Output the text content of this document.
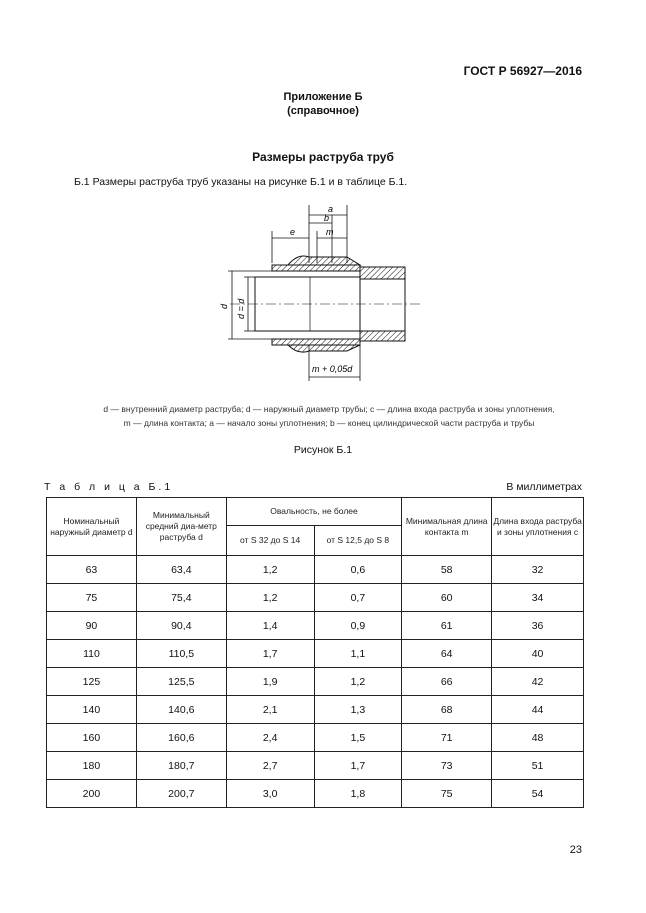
ГОСТ Р 56927—2016
Приложение Б
(справочное)
Размеры раструба труб
Б.1 Размеры раструба труб указаны на рисунке Б.1 и в таблице Б.1.
a
b
e	m
d d = d
m + 0,05d
d — внутренний диаметр раструба; d — наружный диаметр трубы; c — длина входа раструба и зоны уплотнения,
m — длина контакта; a — начало зоны уплотнения; b — конец цилиндрической части раструба и трубы
Рисунок Б.1
Т а б л и ц а Б.1	В миллиметрах
Номинальный наружный диаметр d	Минимальный средний диа-метр раструба d	Овальность, не более		Минимальная длина контакта m	Длина входа раструба и зоны уплотнения c
		от S 32 до S 14	от S 12,5 до S 8		
63	63,4	1,2	0,6	58	32
75	75,4	1,2	0,7	60	34
90	90,4	1,4	0,9	61	36
110	110,5	1,7	1,1	64	40
125	125,5	1,9	1,2	66	42
140	140,6	2,1	1,3	68	44
160	160,6	2,4	1,5	71	48
180	180,7	2,7	1,7	73	51
200	200,7	3,0	1,8	75	54
23
